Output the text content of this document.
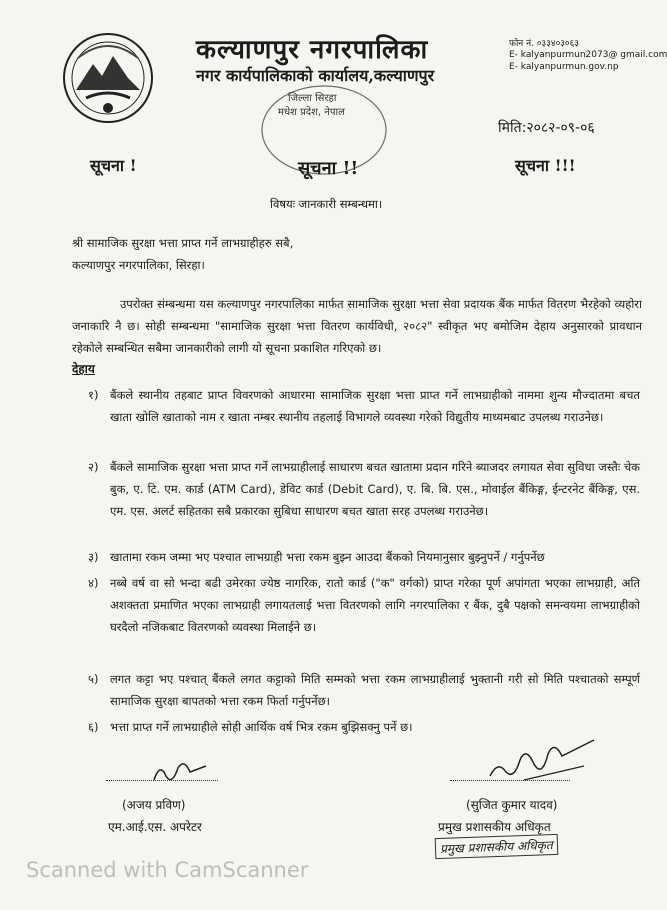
कल्याणपुर नगरपालिका
नगर कार्यपालिकाको कार्यालय,कल्याणपुर
फोन नं. ०३३४०३०६३
E- kalyanpurmun2073@ gmail.com
E- kalyanpurmun.gov.np
जिल्ला सिरहा
मधेश प्रदेश, नेपाल
मिति:२०८२-०९-०६
सूचना !	सूचना !!	सूचना !!!
विषयः जानकारी सम्बन्धमा।
श्री सामाजिक सुरक्षा भत्ता प्राप्त गर्ने लाभग्राहीहरु सबै,
कल्याणपुर नगरपालिका, सिरहा।
उपरोक्त संम्बन्धमा यस कल्याणपुर नगरपालिका मार्फत सामाजिक सुरक्षा भत्ता सेवा प्रदायक बैंक मार्फत वितरण भैरहेको व्यहोरा जनाकारि नै छ। सोही सम्बन्धमा "सामाजिक सुरक्षा भत्ता वितरण कार्यविधी, २०८२" स्वीकृत भए बमोजिम देहाय अनुसारको प्रावधान रहेकोले सम्बन्धित सबैमा जानकारीको लागी यो सूचना प्रकाशित गरिएको छ।
देहाय
१)	बैंकले स्थानीय तहबाट प्राप्त विवरणको आधारमा सामाजिक सुरक्षा भत्ता प्राप्त गर्ने लाभग्राहीको नाममा शुन्य मौज्दातमा बचत खाता खोलि खाताको नाम र खाता नम्बर स्थानीय तहलाई विभागले व्यवस्था गरेको विद्युतीय माध्यमबाट उपलब्ध गराउनेछ।
२)	बैंकले सामाजिक सुरक्षा भत्ता प्राप्त गर्ने लाभग्राहीलाई साधारण बचत खातामा प्रदान गरिने ब्याजदर लगायत सेवा सुविधा जस्तैः चेक बुक, ए. टि. एम. कार्ड (ATM Card), डेविट कार्ड (Debit Card), ए. बि. बि. एस., मोवाईल बैंकिङ्ग, ईन्टरनेट बैंकिङ्ग, एस. एम. एस. अलर्ट सहितका सबै प्रकारका सुबिधा साधारण बचत खाता सरह उपलब्ध गराउनेछ।
३)	खातामा रकम जम्मा भए पश्चात लाभग्राही भत्ता रकम बुझ्न आउदा बैंकको नियमानुसार बुझ्नुपर्ने / गर्नुपर्नेछ
४)	नब्बे वर्ष वा सो भन्दा बढी उमेरका ज्येष्ठ नागरिक, रातो कार्ड ("क" वर्गको) प्राप्त गरेका पूर्ण अपांगता भएका लाभग्राही, अति अशक्तता प्रमाणित भएका लाभग्राही लगायतलाई भत्ता वितरणको लागि नगरपालिका र बैंक, दुबै पक्षको समन्वयमा लाभग्राहीको घरदैलो नजिकबाट वितरणको व्यवस्था मिलाईने छ।
५)	लगत कट्टा भए पश्चात् बैंकले लगत कट्टाको मिति सम्मको भत्ता रकम लाभग्राहीलाई भुक्तानी गरी सो मिति पश्चातको सम्पूर्ण सामाजिक सुरक्षा बापतको भत्ता रकम फिर्ता गर्नुपर्नेछ।
६)	भत्ता प्राप्त गर्ने लाभग्राहीले सोही आर्थिक वर्ष भित्र रकम बुझिसक्नु पर्ने छ।
(अजय प्रविण)
एम.आई.एस. अपरेटर
(सुजित कुमार यादव)
प्रमुख प्रशासकीय अधिकृत
प्रमुख प्रशासकीय अधिकृत
Scanned with CamScanner
